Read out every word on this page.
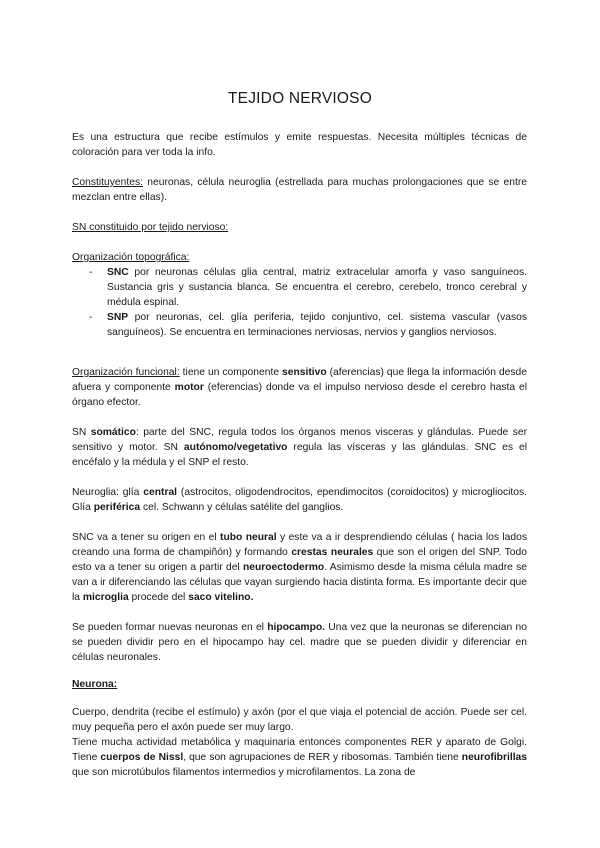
TEJIDO NERVIOSO

Es una estructura que recibe estímulos y emite respuestas. Necesita múltiples técnicas de coloración para ver toda la info.

Constituyentes: neuronas, célula neuroglia (estrellada para muchas prolongaciones que se entre mezclan entre ellas).

SN constituido por tejido nervioso:

Organización topográfica:

- SNC por neuronas células glia central, matriz extracelular amorfa y vaso sanguíneos. Sustancia gris y sustancia blanca. Se encuentra el cerebro, cerebelo, tronco cerebral y médula espinal.
- SNP por neuronas, cel. glía periferia, tejido conjuntivo, cel. sistema vascular (vasos sanguíneos). Se encuentra en terminaciones nerviosas, nervios y ganglios nerviosos.

Organización funcional: tiene un componente sensitivo (aferencias) que llega la información desde afuera y componente motor (eferencias) donde va el impulso nervioso desde el cerebro hasta el órgano efector.

SN somático: parte del SNC, regula todos los órganos menos visceras y glándulas. Puede ser sensitivo y motor. SN autónomo/vegetativo regula las vísceras y las glándulas. SNC es el encéfalo y la médula y el SNP el resto.

Neuroglia: glía central (astrocitos, oligodendrocitos, ependimocitos (coroidocitos) y microgliocitos. Glía periférica cel. Schwann y células satélite del ganglios.

SNC va a tener su origen en el tubo neural y este va a ir desprendiendo células ( hacia los lados creando una forma de champiñón) y formando crestas neurales que son el origen del SNP. Todo esto va a tener su origen a partir del neuroectodermo. Asimismo desde la misma célula madre se van a ir diferenciando las células que vayan surgiendo hacia distinta forma. Es importante decir que la microglia procede del saco vitelino.

Se pueden formar nuevas neuronas en el hipocampo. Una vez que la neuronas se diferencian no se pueden dividir pero en el hipocampo hay cel. madre que se pueden dividir y diferenciar en células neuronales.

Neurona:

Cuerpo, dendrita (recibe el estímulo) y axón (por el que viaja el potencial de acción. Puede ser cel. muy pequeña pero el axón puede ser muy largo.

Tiene mucha actividad metabólica y maquinaria entonces componentes RER y aparato de Golgi. Tiene cuerpos de Nissl, que son agrupaciones de RER y ribosomas. También tiene neurofibrillas que son microtúbulos filamentos intermedios y microfilamentos. La zona de
